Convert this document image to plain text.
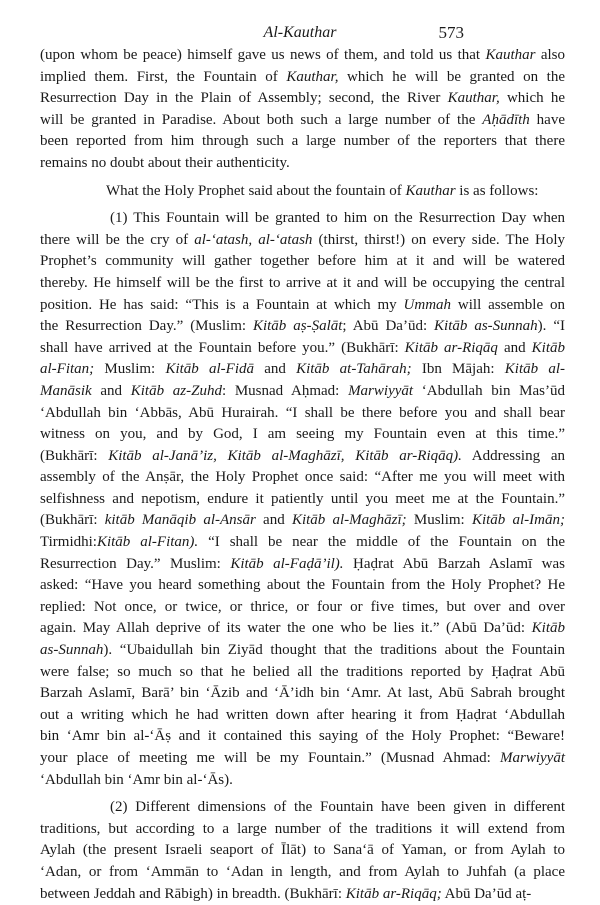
Al-Kauthar	573
(upon whom be peace) himself gave us news of them, and told us that Kauthar also
implied them. First, the Fountain of Kauthar, which he will be granted on the
Resurrection Day in the Plain of Assembly; second, the River Kauthar, which he
will be granted in Paradise. About both such a large number of the Aḥādīth have
been reported from him through such a large number of the reporters that there
remains no doubt about their authenticity.
What the Holy Prophet said about the fountain of Kauthar is as follows:
(1) This Fountain will be granted to him on the Resurrection Day when
there will be the cry of al-‘atash, al-‘atash (thirst, thirst!) on every side. The Holy
Prophet’s community will gather together before him at it and will be watered
thereby. He himself will be the first to arrive at it and will be occupying the central
position. He has said: “This is a Fountain at which my Ummah will assemble on
the Resurrection Day.” (Muslim: Kitāb aṣ-Ṣalāt; Abū Da’ūd: Kitāb as-Sunnah). “I
shall have arrived at the Fountain before you.” (Bukhārī: Kitāb ar-Riqāq and Kitāb
al-Fitan; Muslim: Kitāb al-Fidā and Kitāb at-Tahārah; Ibn Mājah: Kitāb al-
Manāsik and Kitāb az-Zuhd: Musnad Aḥmad: Marwiyyāt ‘Abdullah bin Mas’ūd
‘Abdullah bin ‘Abbās, Abū Hurairah. “I shall be there before you and shall bear
witness on you, and by God, I am seeing my Fountain even at this time.”
(Bukhārī: Kitāb al-Janā’iz, Kitāb al-Maghāzī, Kitāb ar-Riqāq). Addressing an
assembly of the Anṣār, the Holy Prophet once said: “After me you will meet with
selfishness and nepotism, endure it patiently until you meet me at the Fountain.”
(Bukhārī: kitāb Manāqib al-Ansār and Kitāb al-Maghāzī; Muslim: Kitāb al-Imān;
Tirmidhi:Kitāb al-Fitan). “I shall be near the middle of the Fountain on the
Resurrection Day.” Muslim: Kitāb al-Faḍā’il). Ḥaḍrat Abū Barzah Aslamī was
asked: “Have you heard something about the Fountain from the Holy Prophet? He
replied: Not once, or twice, or thrice, or four or five times, but over and over
again. May Allah deprive of its water the one who be lies it.” (Abū Da’ūd: Kitāb
as-Sunnah). “Ubaidullah bin Ziyād thought that the traditions about the Fountain
were false; so much so that he belied all the traditions reported by Ḥaḍrat Abū
Barzah Aslamī, Barā’ bin ‘Āzib and ‘Ā’idh bin ‘Amr. At last, Abū Sabrah brought
out a writing which he had written down after hearing it from Ḥaḍrat ‘Abdullah
bin ‘Amr bin al-‘Āṣ and it contained this saying of the Holy Prophet: “Beware!
your place of meeting me will be my Fountain.” (Musnad Ahmad: Marwiyyāt
‘Abdullah bin ‘Amr bin al-‘Ās).
(2) Different dimensions of the Fountain have been given in different
traditions, but according to a large number of the traditions it will extend from
Aylah (the present Israeli seaport of Īlāt) to Sana‘ā of Yaman, or from Aylah to
‘Adan, or from ‘Ammān to ‘Adan in length, and from Aylah to Juhfah (a place
between Jeddah and Rābigh) in breadth. (Bukhārī: Kitāb ar-Riqāq; Abū Da’ūd aṭ-
